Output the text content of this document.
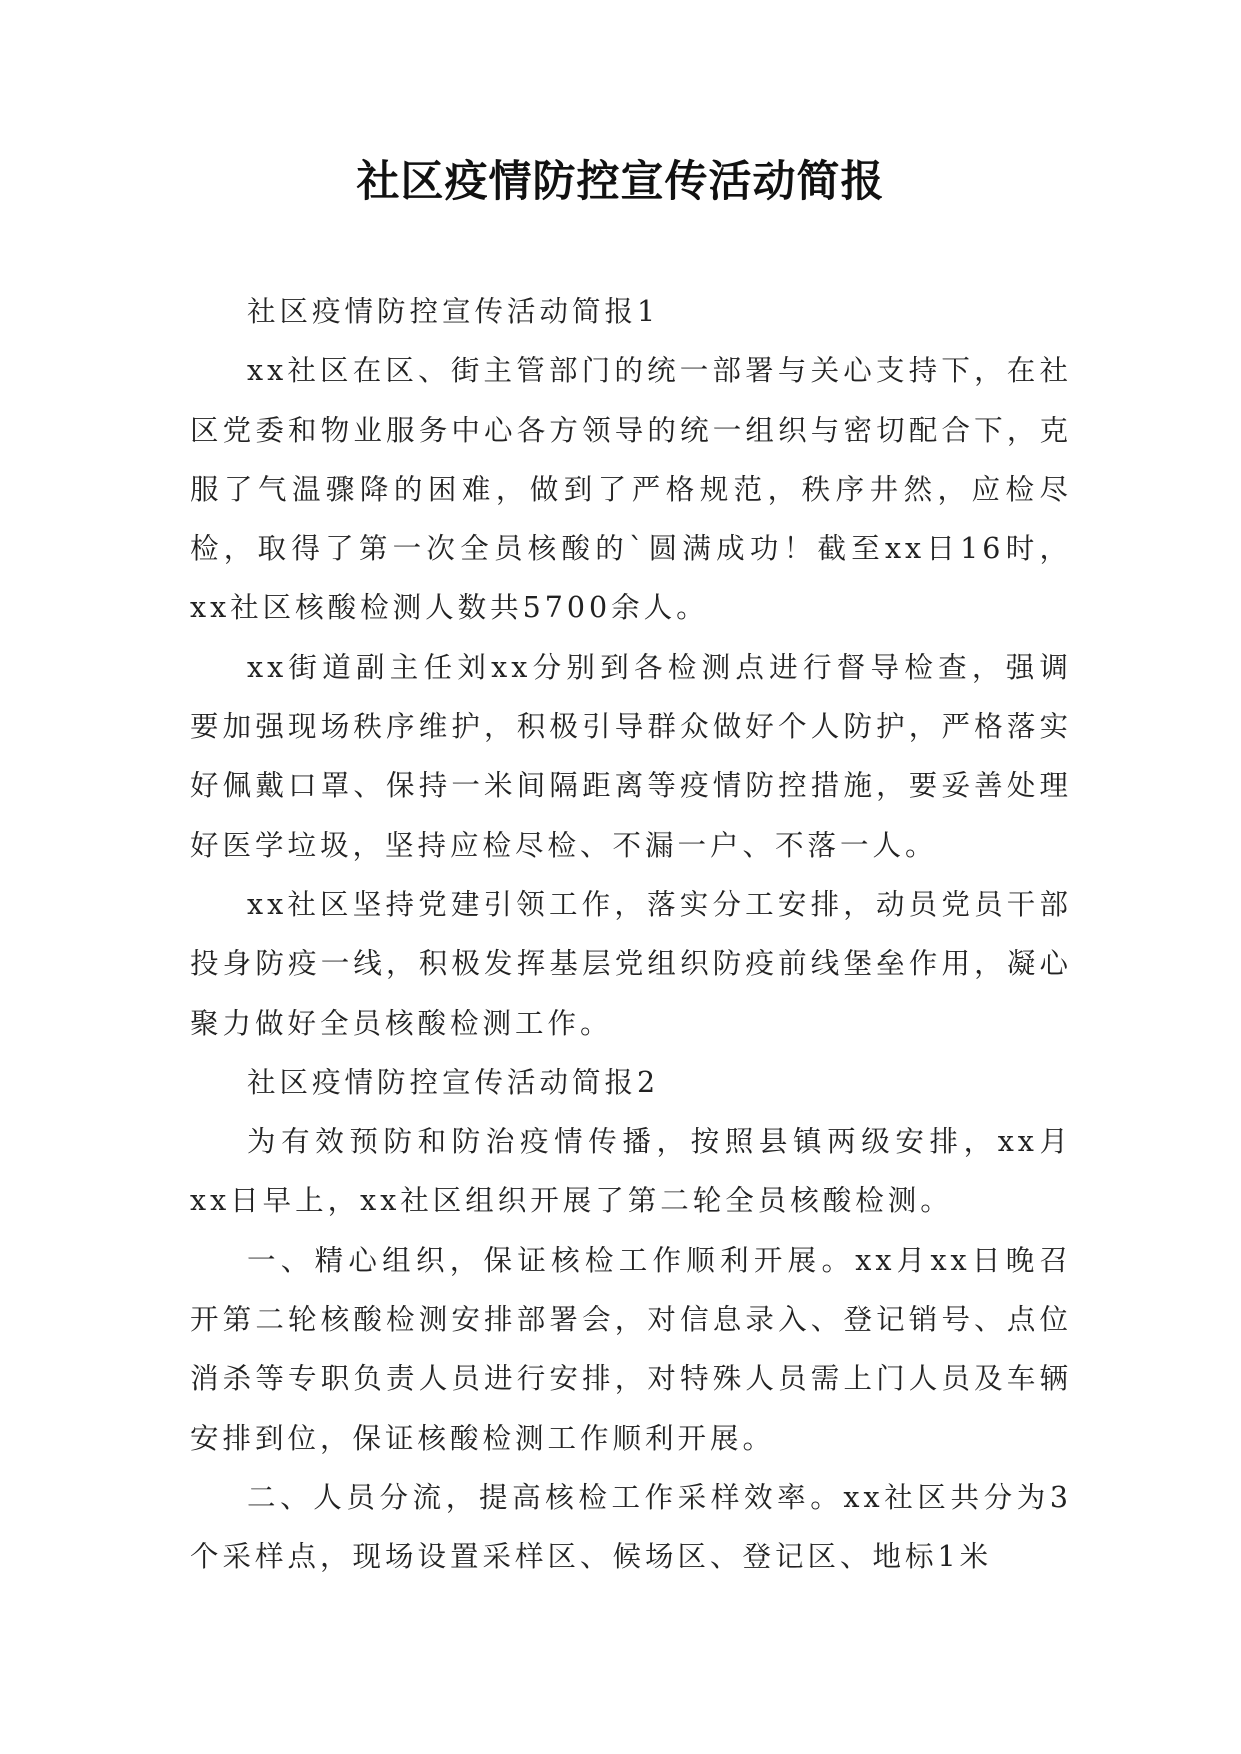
社区疫情防控宣传活动简报

社区疫情防控宣传活动简报1

xx社区在区、街主管部门的统一部署与关心支持下，在社区党委和物业服务中心各方领导的统一组织与密切配合下，克服了气温骤降的困难，做到了严格规范，秩序井然，应检尽检，取得了第一次全员核酸的`圆满成功！截至xx日16时，xx社区核酸检测人数共5700余人。

xx街道副主任刘xx分别到各检测点进行督导检查，强调要加强现场秩序维护，积极引导群众做好个人防护，严格落实好佩戴口罩、保持一米间隔距离等疫情防控措施，要妥善处理好医学垃圾，坚持应检尽检、不漏一户、不落一人。

xx社区坚持党建引领工作，落实分工安排，动员党员干部投身防疫一线，积极发挥基层党组织防疫前线堡垒作用，凝心聚力做好全员核酸检测工作。

社区疫情防控宣传活动简报2

为有效预防和防治疫情传播，按照县镇两级安排，xx月xx日早上，xx社区组织开展了第二轮全员核酸检测。

一、精心组织，保证核检工作顺利开展。xx月xx日晚召开第二轮核酸检测安排部署会，对信息录入、登记销号、点位消杀等专职负责人员进行安排，对特殊人员需上门人员及车辆安排到位，保证核酸检测工作顺利开展。

二、人员分流，提高核检工作采样效率。xx社区共分为3个采样点，现场设置采样区、候场区、登记区、地标1米
